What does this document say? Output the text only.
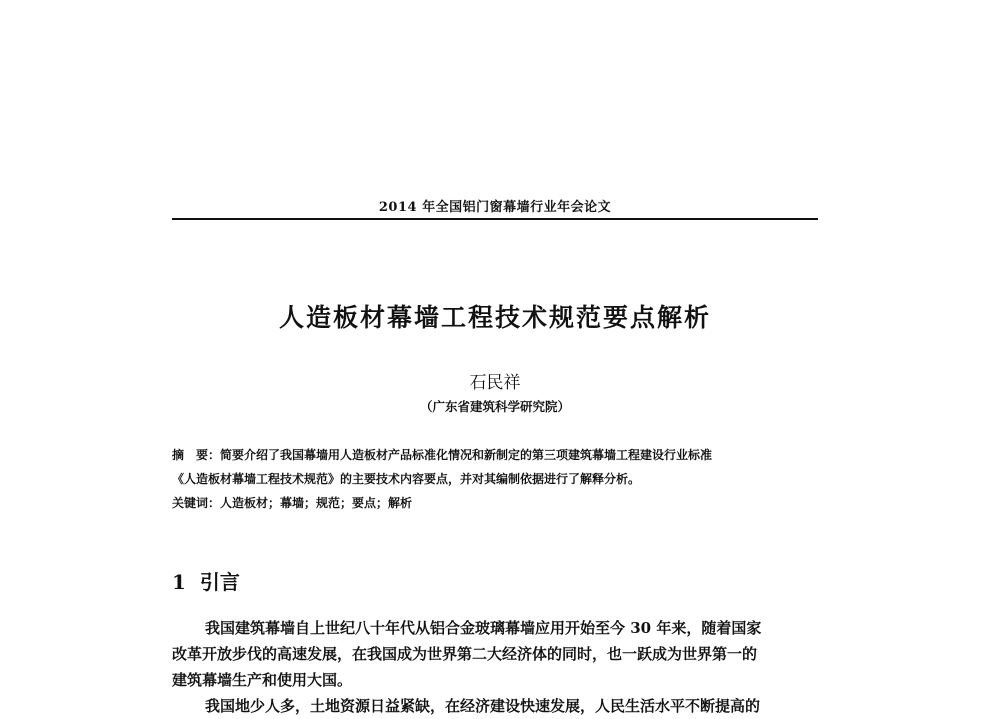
2014 年全国铝门窗幕墙行业年会论文
人造板材幕墙工程技术规范要点解析
石民祥
（广东省建筑科学研究院）

摘　要：简要介绍了我国幕墙用人造板材产品标准化情况和新制定的第三项建筑幕墙工程建设行业标准

《人造板材幕墙工程技术规范》的主要技术内容要点，并对其编制依据进行了解释分析。

关键词：人造板材；幕墙；规范；要点；解析
1 引言

我国建筑幕墙自上世纪八十年代从铝合金玻璃幕墙应用开始至今 30 年来，随着国家

改革开放步伐的高速发展，在我国成为世界第二大经济体的同时，也一跃成为世界第一的

建筑幕墙生产和使用大国。

我国地少人多，土地资源日益紧缺，在经济建设快速发展，人民生活水平不断提高的
